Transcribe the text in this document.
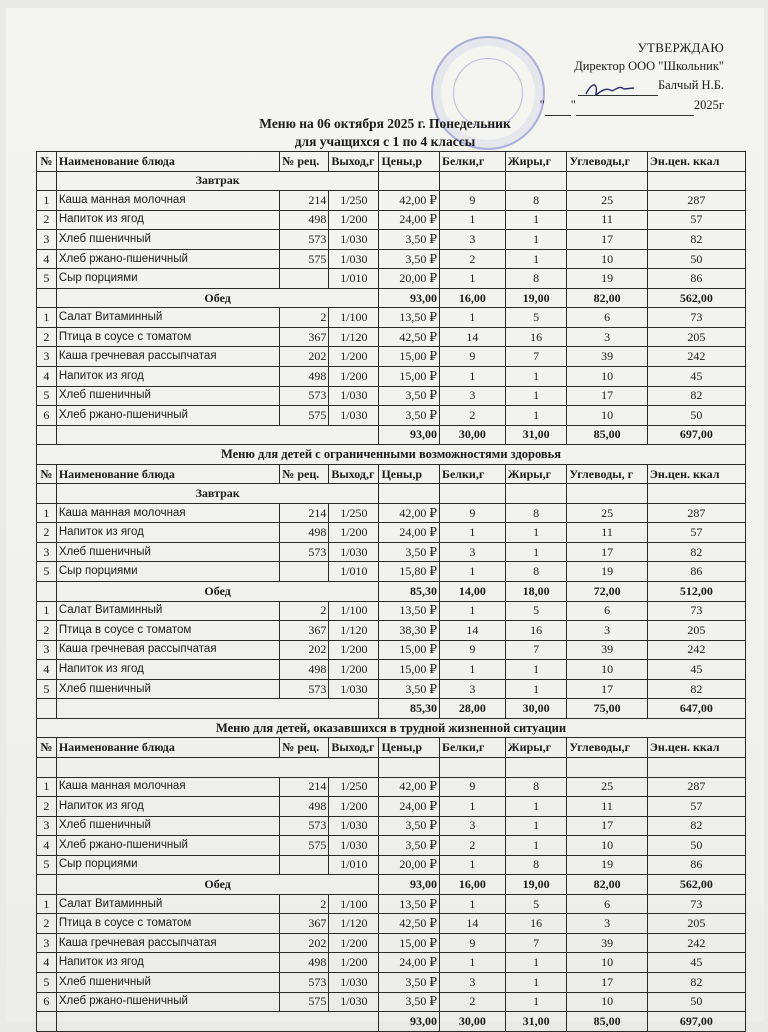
УТВЕРЖДАЮ
Директор ООО "Школьник"
Балчый Н.Б.
" "	2025г
Меню на 06 октября 2025 г. Понедельник
для учащихся с 1 по 4 классы
№	Наименование блюда	№ рец.	Выход,г	Цены,р	Белки,г	Жиры,г	Углеводы,г	Эн.цен. ккал
	Завтрак							
1	Каша манная молочная	214	1/250	42,00 ₽	9	8	25	287
2	Напиток из ягод	498	1/200	24,00 ₽	1	1	11	57
3	Хлеб пшеничный	573	1/030	3,50 ₽	3	1	17	82
4	Хлеб ржано-пшеничный	575	1/030	3,50 ₽	2	1	10	50
5	Сыр порциями		1/010	20,00 ₽	1	8	19	86
	Обед			93,00	16,00	19,00	82,00	562,00
1	Салат Витаминный	2	1/100	13,50 ₽	1	5	6	73
2	Птица в соусе с томатом	367	1/120	42,50 ₽	14	16	3	205
3	Каша гречневая рассыпчатая	202	1/200	15,00 ₽	9	7	39	242
4	Напиток из ягод	498	1/200	15,00 ₽	1	1	10	45
5	Хлеб пшеничный	573	1/030	3,50 ₽	3	1	17	82
6	Хлеб ржано-пшеничный	575	1/030	3,50 ₽	2	1	10	50
				93,00	30,00	31,00	85,00	697,00
Меню для детей с ограниченными возможностями здоровья								
№	Наименование блюда	№ рец.	Выход,г	Цены,р	Белки,г	Жиры,г	Углеводы, г	Эн.цен. ккал
	Завтрак							
1	Каша манная молочная	214	1/250	42,00 ₽	9	8	25	287
2	Напиток из ягод	498	1/200	24,00 ₽	1	1	11	57
3	Хлеб пшеничный	573	1/030	3,50 ₽	3	1	17	82
5	Сыр порциями		1/010	15,80 ₽	1	8	19	86
	Обед			85,30	14,00	18,00	72,00	512,00
1	Салат Витаминный	2	1/100	13,50 ₽	1	5	6	73
2	Птица в соусе с томатом	367	1/120	38,30 ₽	14	16	3	205
3	Каша гречневая рассыпчатая	202	1/200	15,00 ₽	9	7	39	242
4	Напиток из ягод	498	1/200	15,00 ₽	1	1	10	45
5	Хлеб пшеничный	573	1/030	3,50 ₽	3	1	17	82
				85,30	28,00	30,00	75,00	647,00
Меню для детей, оказавшихся в трудной жизненной ситуации								
№	Наименование блюда	№ рец.	Выход,г	Цены,р	Белки,г	Жиры,г	Углеводы,г	Эн.цен. ккал

1	Каша манная молочная	214	1/250	42,00 ₽	9	8	25	287
2	Напиток из ягод	498	1/200	24,00 ₽	1	1	11	57
3	Хлеб пшеничный	573	1/030	3,50 ₽	3	1	17	82
4	Хлеб ржано-пшеничный	575	1/030	3,50 ₽	2	1	10	50
5	Сыр порциями		1/010	20,00 ₽	1	8	19	86
	Обед			93,00	16,00	19,00	82,00	562,00
1	Салат Витаминный	2	1/100	13,50 ₽	1	5	6	73
2	Птица в соусе с томатом	367	1/120	42,50 ₽	14	16	3	205
3	Каша гречневая рассыпчатая	202	1/200	15,00 ₽	9	7	39	242
4	Напиток из ягод	498	1/200	24,00 ₽	1	1	10	45
5	Хлеб пшеничный	573	1/030	3,50 ₽	3	1	17	82
6	Хлеб ржано-пшеничный	575	1/030	3,50 ₽	2	1	10	50
				93,00	30,00	31,00	85,00	697,00
